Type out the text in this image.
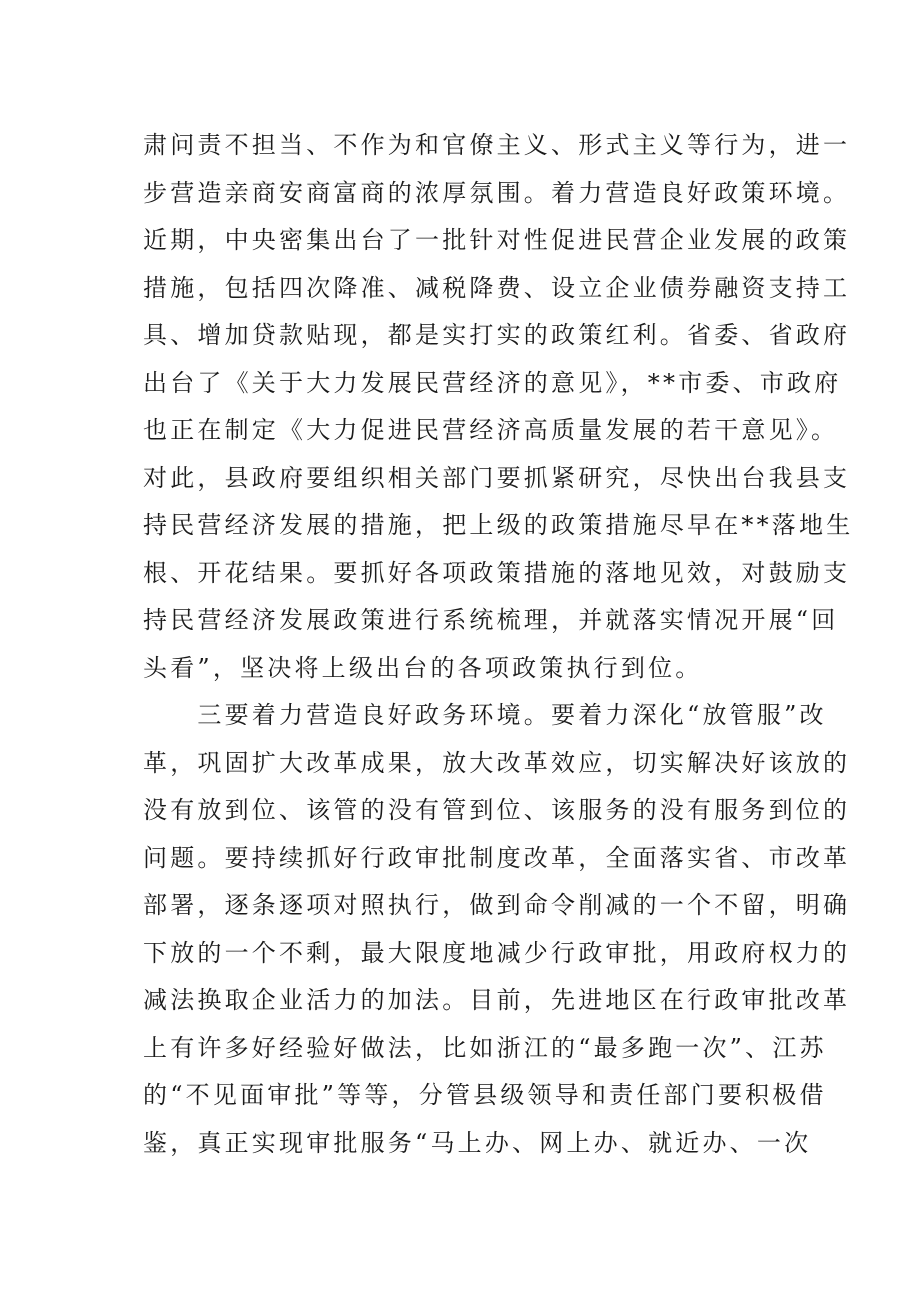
肃问责不担当、不作为和官僚主义、形式主义等行为，进一
步营造亲商安商富商的浓厚氛围。着力营造良好政策环境。
近期，中央密集出台了一批针对性促进民营企业发展的政策
措施，包括四次降准、减税降费、设立企业债券融资支持工
具、增加贷款贴现，都是实打实的政策红利。省委、省政府
出台了《关于大力发展民营经济的意见》，**市委、市政府
也正在制定《大力促进民营经济高质量发展的若干意见》。
对此，县政府要组织相关部门要抓紧研究，尽快出台我县支
持民营经济发展的措施，把上级的政策措施尽早在**落地生
根、开花结果。要抓好各项政策措施的落地见效，对鼓励支
持民营经济发展政策进行系统梳理，并就落实情况开展“回
头看”，坚决将上级出台的各项政策执行到位。
　　三要着力营造良好政务环境。要着力深化“放管服”改
革，巩固扩大改革成果，放大改革效应，切实解决好该放的
没有放到位、该管的没有管到位、该服务的没有服务到位的
问题。要持续抓好行政审批制度改革，全面落实省、市改革
部署，逐条逐项对照执行，做到命令削减的一个不留，明确
下放的一个不剩，最大限度地减少行政审批，用政府权力的
减法换取企业活力的加法。目前，先进地区在行政审批改革
上有许多好经验好做法，比如浙江的“最多跑一次”、江苏
的“不见面审批”等等，分管县级领导和责任部门要积极借
鉴，真正实现审批服务“马上办、网上办、就近办、一次
